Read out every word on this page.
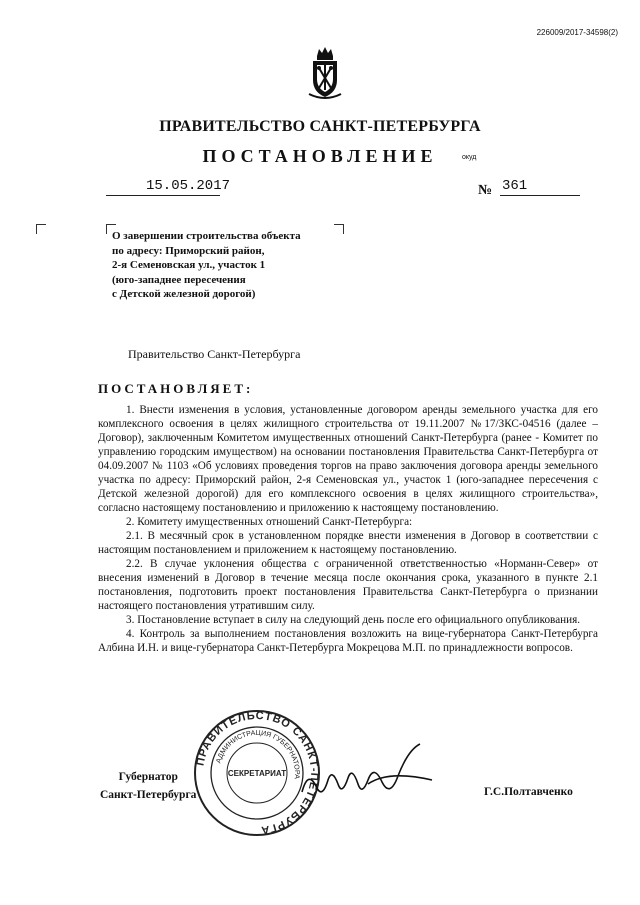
226009/2017-34598(2)
ПРАВИТЕЛЬСТВО САНКТ-ПЕТЕРБУРГА
ПОСТАНОВЛЕНИЕ	окуд
15.05.2017	№ 361
О завершении строительства объекта
по адресу: Приморский район,
2-я Семеновская ул., участок 1
(юго-западнее пересечения
с Детской железной дорогой)
Правительство Санкт-Петербурга
ПОСТАНОВЛЯЕТ:

1. Внести изменения в условия, установленные договором аренды земельного участка для его комплексного освоения в целях жилищного строительства от 19.11.2007 №17/ЗКС-04516 (далее – Договор), заключенным Комитетом имущественных отношений Санкт-Петербурга (ранее - Комитет по управлению городским имуществом) на основании постановления Правительства Санкт-Петербурга от 04.09.2007 № 1103 «Об условиях проведения торгов на право заключения договора аренды земельного участка по адресу: Приморский район, 2-я Семеновская ул., участок 1 (юго-западнее пересечения с Детской железной дорогой) для его комплексного освоения в целях жилищного строительства», согласно настоящему постановлению и приложению к настоящему постановлению.

2. Комитету имущественных отношений Санкт-Петербурга:

2.1. В месячный срок в установленном порядке внести изменения в Договор в соответствии с настоящим постановлением и приложением к настоящему постановлению.

2.2. В случае уклонения общества с ограниченной ответственностью «Норманн-Север» от внесения изменений в Договор в течение месяца после окончания срока, указанного в пункте 2.1 постановления, подготовить проект постановления Правительства Санкт-Петербурга о признании настоящего постановления утратившим силу.

3. Постановление вступает в силу на следующий день после его официального опубликования.

4. Контроль за выполнением постановления возложить на вице-губернатора Санкт-Петербурга Албина И.Н. и вице-губернатора Санкт-Петербурга Мокрецова М.П. по принадлежности вопросов.

ПРАВИТЕЛЬСТВО САНКТ-ПЕТЕРБУРГА
АДМИНИСТРАЦИЯ ГУБЕРНАТОРА
СЕКРЕТАРИАТ
Губернатор
Санкт-Петербурга	Г.С.Полтавченко
